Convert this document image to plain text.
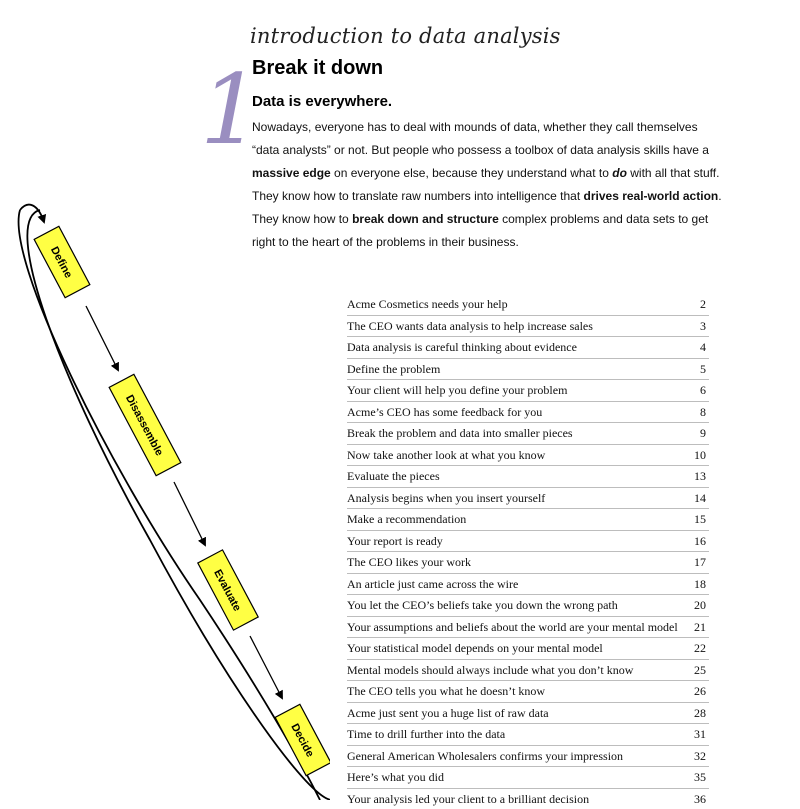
1
introduction to data analysis
Break it down
Data is everywhere.

Nowadays, everyone has to deal with mounds of data, whether they call themselves “data analysts” or not. But people who possess a toolbox of data analysis skills have a massive edge on everyone else, because they understand what to do with all that stuff. They know how to translate raw numbers into intelligence that drives real-world action. They know how to break down and structure complex problems and data sets to get right to the heart of the problems in their business.

Define
Disassemble
Evaluate
Decide
Acme Cosmetics needs your help	2
The CEO wants data analysis to help increase sales	3
Data analysis is careful thinking about evidence	4
Define the problem	5
Your client will help you define your problem	6
Acme’s CEO has some feedback for you	8
Break the problem and data into smaller pieces	9
Now take another look at what you know	10
Evaluate the pieces	13
Analysis begins when you insert yourself	14
Make a recommendation	15
Your report is ready	16
The CEO likes your work	17
An article just came across the wire	18
You let the CEO’s beliefs take you down the wrong path	20
Your assumptions and beliefs about the world are your mental model 21
Your statistical model depends on your mental model	22
Mental models should always include what you don’t know	25
The CEO tells you what he doesn’t know	26
Acme just sent you a huge list of raw data	28
Time to drill further into the data	31
General American Wholesalers confirms your impression	32
Here’s what you did	35
Your analysis led your client to a brilliant decision	36
